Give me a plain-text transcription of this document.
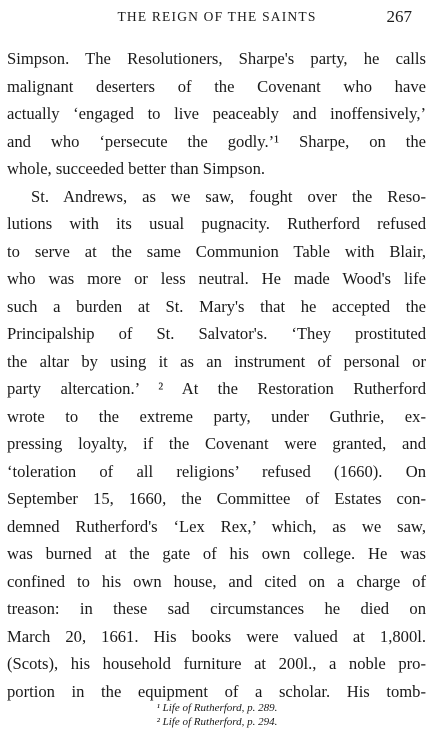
THE REIGN OF THE SAINTS	267
Simpson. The Resolutioners, Sharpe's party, he calls
malignant deserters of the Covenant who have
actually ‘engaged to live peaceably and inoffensively,’
and who ‘persecute the godly.’¹ Sharpe, on the
whole, succeeded better than Simpson.
St. Andrews, as we saw, fought over the Reso-
lutions with its usual pugnacity. Rutherford refused
to serve at the same Communion Table with Blair,
who was more or less neutral. He made Wood's life
such a burden at St. Mary's that he accepted the
Principalship of St. Salvator's. ‘They prostituted
the altar by using it as an instrument of personal or
party altercation.’ ² At the Restoration Rutherford
wrote to the extreme party, under Guthrie, ex-
pressing loyalty, if the Covenant were granted, and
‘toleration of all religions’ refused (1660). On
September 15, 1660, the Committee of Estates con-
demned Rutherford's ‘Lex Rex,’ which, as we saw,
was burned at the gate of his own college. He was
confined to his own house, and cited on a charge of
treason: in these sad circumstances he died on
March 20, 1661. His books were valued at 1,800l.
(Scots), his household furniture at 200l., a noble pro-
portion in the equipment of a scholar. His tomb-
¹ Life of Rutherford, p. 289.
² Life of Rutherford, p. 294.
